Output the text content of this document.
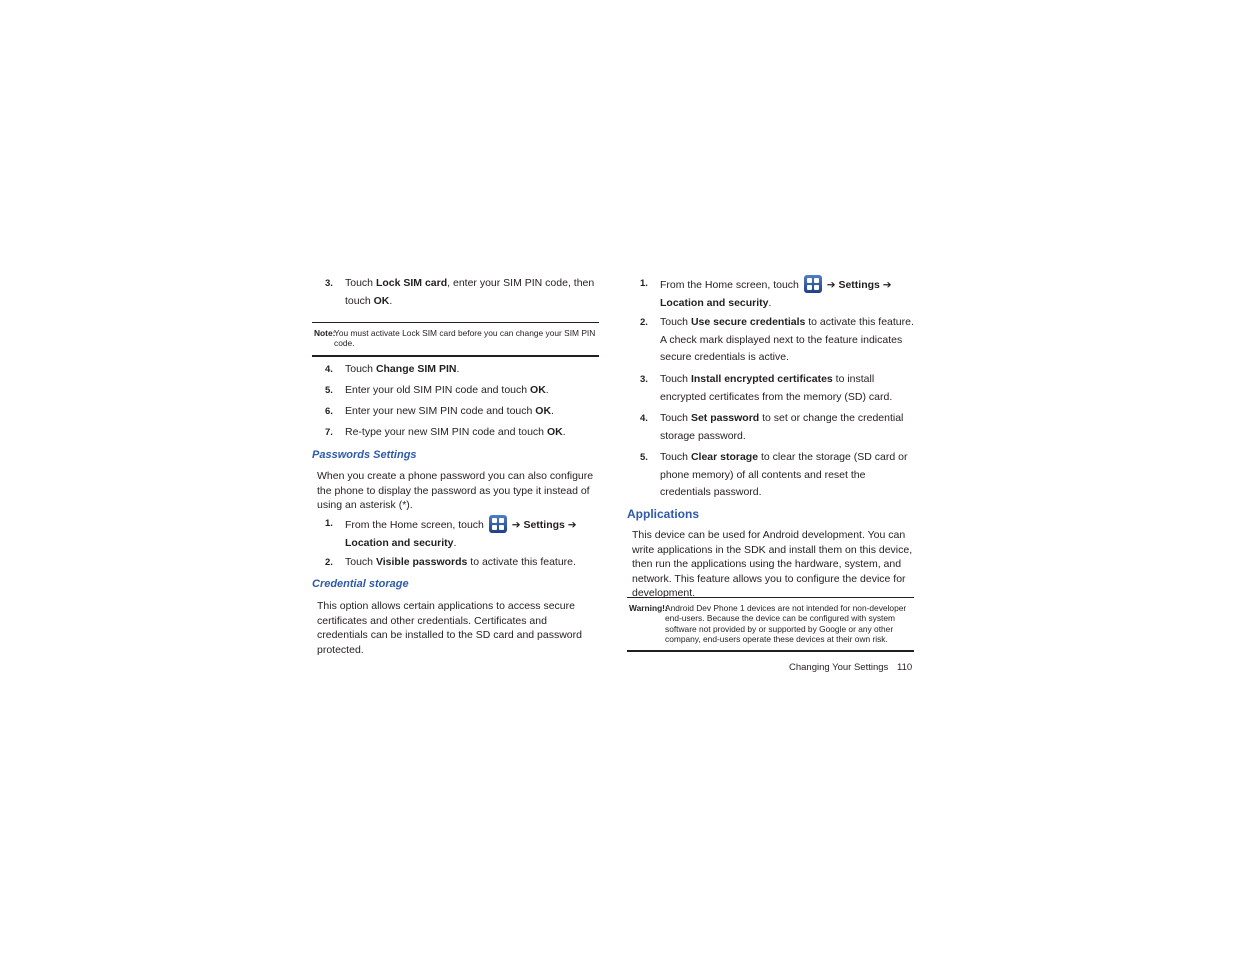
3. Touch Lock SIM card, enter your SIM PIN code, then touch OK.
Note:
You must activate Lock SIM card before you can change your SIM PIN code.
4. Touch Change SIM PIN.
5. Enter your old SIM PIN code and touch OK.
6. Enter your new SIM PIN code and touch OK.
7. Re-type your new SIM PIN code and touch OK.
Passwords Settings
When you create a phone password you can also configure the phone to display the password as you type it instead of using an asterisk (*).
1. From the Home screen, touch
➔ Settings ➔ Location and security.
2. Touch Visible passwords to activate this feature.
Credential storage
This option allows certain applications to access secure certificates and other credentials. Certificates and credentials can be installed to the SD card and password protected.
1. From the Home screen, touch
➔ Settings ➔ Location and security.
2. Touch Use secure credentials to activate this feature. A check mark displayed next to the feature indicates secure credentials is active.
3. Touch Install encrypted certificates to install encrypted certificates from the memory (SD) card.
4. Touch Set password to set or change the credential storage password.
5. Touch Clear storage to clear the storage (SD card or phone memory) of all contents and reset the credentials password.
Applications
This device can be used for Android development. You can write applications in the SDK and install them on this device, then run the applications using the hardware, system, and network. This feature allows you to configure the device for development.
Warning!:
Android Dev Phone 1 devices are not intended for non-developer end-users. Because the device can be configured with system software not provided by or supported by Google or any other company, end-users operate these devices at their own risk.
Changing Your Settings 110
